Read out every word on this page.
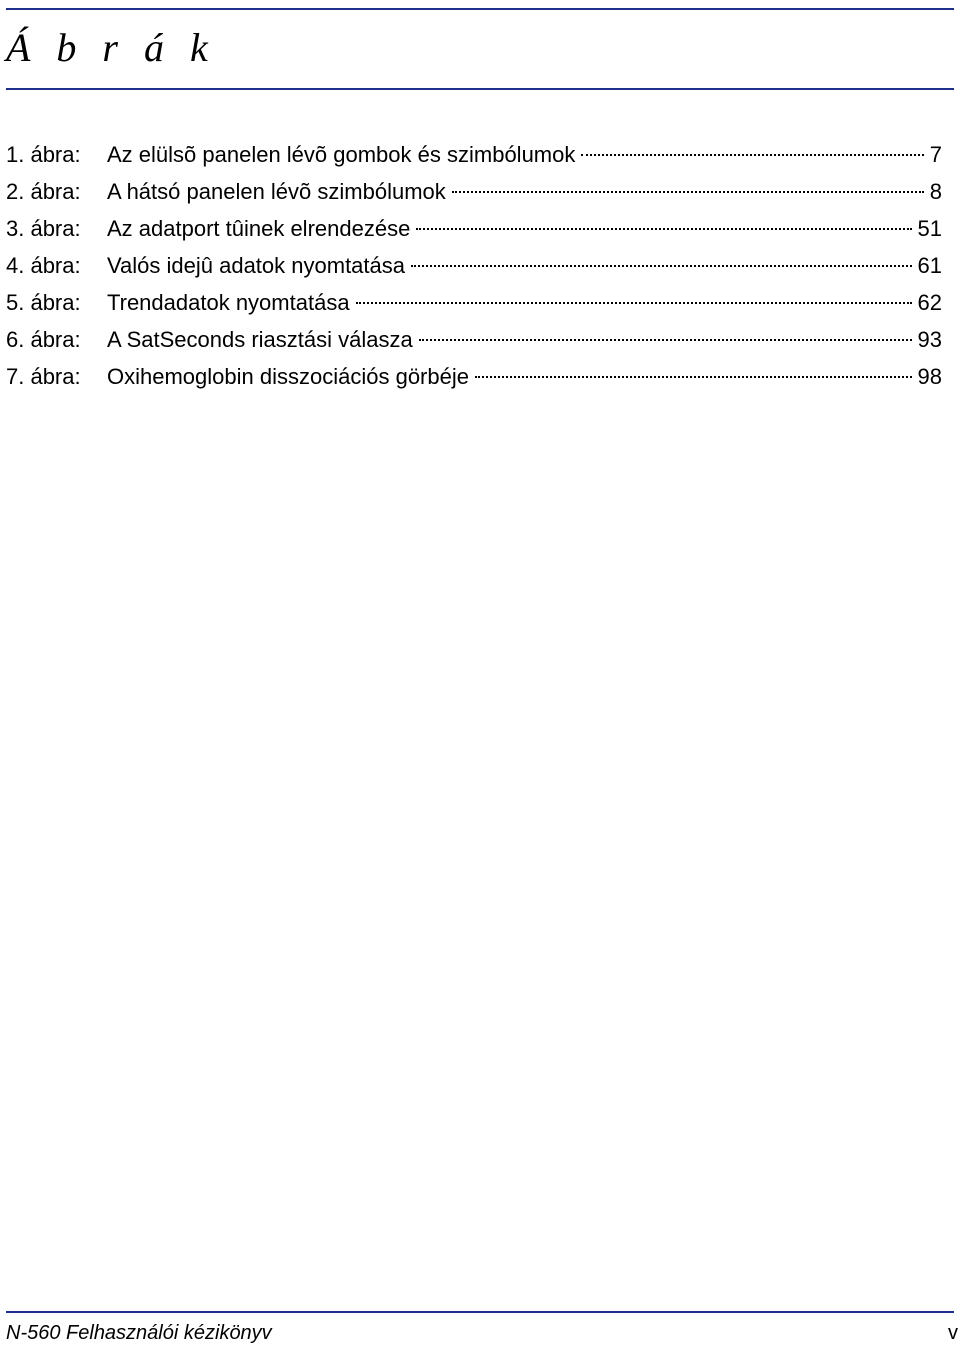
Á b r á k
1. ábra:	Az elülsõ panelen lévõ gombok és szimbólumok	7
2. ábra:	A hátsó panelen lévõ szimbólumok	8
3. ábra:	Az adatport tûinek elrendezése	51
4. ábra:	Valós idejû adatok nyomtatása	61
5. ábra:	Trendadatok nyomtatása	62
6. ábra:	A SatSeconds riasztási válasza	93
7. ábra:	Oxihemoglobin disszociációs görbéje	98
N-560 Felhasználói kézikönyv	v
